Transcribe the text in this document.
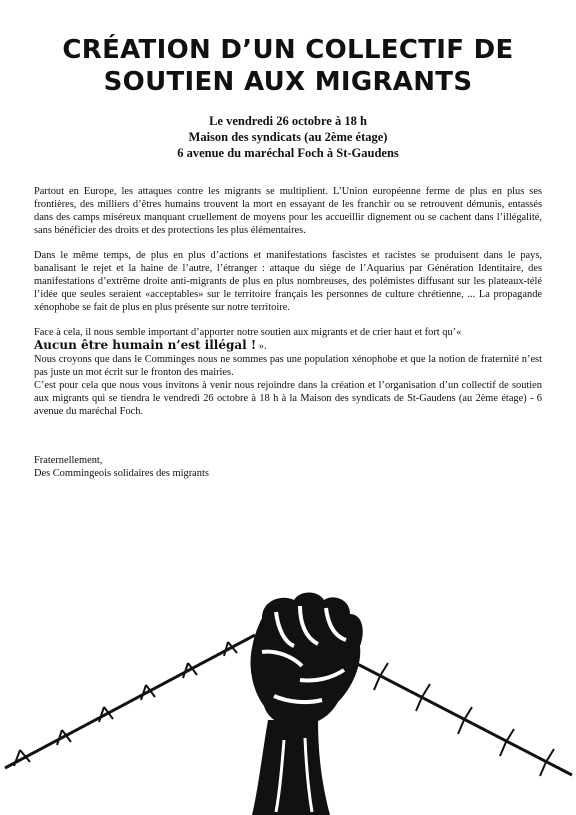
CRÉATION D’UN COLLECTIF DE
SOUTIEN AUX MIGRANTS
Le vendredi 26 octobre à 18 h
Maison des syndicats (au 2ème étage)
6 avenue du maréchal Foch à St-Gaudens

Partout en Europe, les attaques contre les migrants se multiplient. L’Union européenne ferme de plus en plus ses frontières, des milliers d’êtres humains trouvent la mort en essayant de les franchir ou se retrouvent démunis, entassés dans des camps miséreux manquant cruellement de moyens pour les accueillir dignement ou se cachent dans l’illégalité, sans bénéficier des droits et des protections les plus élémentaires.

Dans le même temps, de plus en plus d’actions et manifestations fascistes et racistes se produisent dans le pays, banalisant le rejet et la haine de l’autre, l’étranger : attaque du siège de l’Aquarius par Génération Identitaire, des manifestations d’extrême droite anti-migrants de plus en plus nombreuses, des polémistes diffusant sur les plateaux-télé l’idée que seules seraient «acceptables» sur le territoire français les personnes de culture chrétienne, ... La propagande xénophobe se fait de plus en plus présente sur notre territoire.

Face à cela, il nous semble important d’apporter notre soutien aux migrants et de crier haut et fort qu’«
Aucun être humain n’est illégal ! ».

Nous croyons que dans le Comminges nous ne sommes pas une population xénophobe et que la notion de fraternité n’est pas juste un mot écrit sur le fronton des mairies.

C’est pour cela que nous vous invitons à venir nous rejoindre dans la création et l’organisation d’un collectif de soutien aux migrants qui se tiendra le vendredi 26 octobre à 18 h à la Maison des syndicats de St-Gaudens (au 2ème étage) - 6 avenue du maréchal Foch.

Fraternellement,
Des Commingeois solidaires des migrants
